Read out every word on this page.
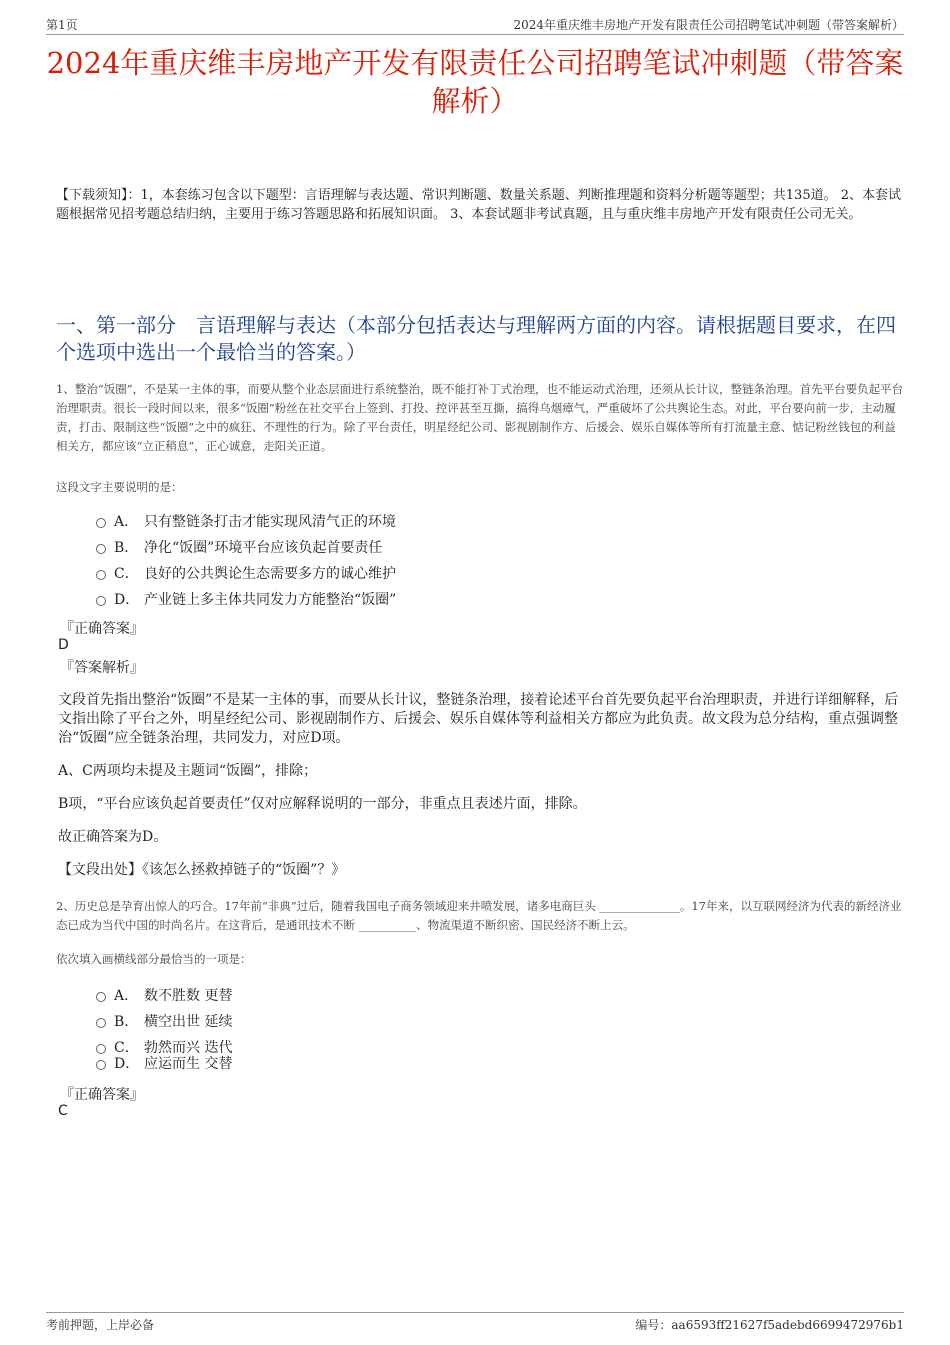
第1页	2024年重庆维丰房地产开发有限责任公司招聘笔试冲刺题（带答案解析）
2024年重庆维丰房地产开发有限责任公司招聘笔试冲刺题（带答案解析）
【下载须知】：1，本套练习包含以下题型：言语理解与表达题、常识判断题、数量关系题、判断推理题和资料分析题等题型；共135道。 2、本套试题根据常见招考题总结归纳，主要用于练习答题思路和拓展知识面。 3、本套试题非考试真题，且与重庆维丰房地产开发有限责任公司无关。
一、第一部分　言语理解与表达（本部分包括表达与理解两方面的内容。请根据题目要求，在四个选项中选出一个最恰当的答案。）
1、整治“饭圈”，不是某一主体的事，而要从整个业态层面进行系统整治，既不能打补丁式治理，也不能运动式治理，还须从长计议，整链条治理。首先平台要负起平台治理职责。很长一段时间以来，很多“饭圈”粉丝在社交平台上签到、打投、控评甚至互撕，搞得乌烟瘴气，严重破坏了公共舆论生态。对此，平台要向前一步，主动履责，打击、限制这些“饭圈”之中的疯狂、不理性的行为。除了平台责任，明星经纪公司、影视剧制作方、后援会、娱乐自媒体等所有打流量主意、惦记粉丝钱包的利益相关方，都应该“立正稍息”，正心诚意，走阳关正道。
这段文字主要说明的是：
A． 只有整链条打击才能实现风清气正的环境
B． 净化“饭圈”环境平台应该负起首要责任
C． 良好的公共舆论生态需要多方的诚心维护
D． 产业链上多主体共同发力方能整治“饭圈”
『正确答案』
D
『答案解析』
文段首先指出整治“饭圈”不是某一主体的事，而要从长计议，整链条治理，接着论述平台首先要负起平台治理职责，并进行详细解释，后文指出除了平台之外，明星经纪公司、影视剧制作方、后援会、娱乐自媒体等利益相关方都应为此负责。故文段为总分结构，重点强调整治“饭圈”应全链条治理，共同发力，对应D项。
A、C两项均未提及主题词“饭圈”，排除；
B项，“平台应该负起首要责任”仅对应解释说明的一部分，非重点且表述片面，排除。
故正确答案为D。
【文段出处】《该怎么拯救掉链子的“饭圈”？》
2、历史总是孕育出惊人的巧合。17年前“非典”过后，随着我国电子商务领域迎来井喷发展，诸多电商巨头 ______________。17年来，以互联网经济为代表的新经济业态已成为当代中国的时尚名片。在这背后，是通讯技术不断 __________、物流渠道不断织密、国民经济不断上云。
依次填入画横线部分最恰当的一项是：
A． 数不胜数 更替
B． 横空出世 延续
C． 勃然而兴 迭代
D． 应运而生 交替
『正确答案』
C
考前押题，上岸必备	编号：aa6593ff21627f5adebd6699472976b1
